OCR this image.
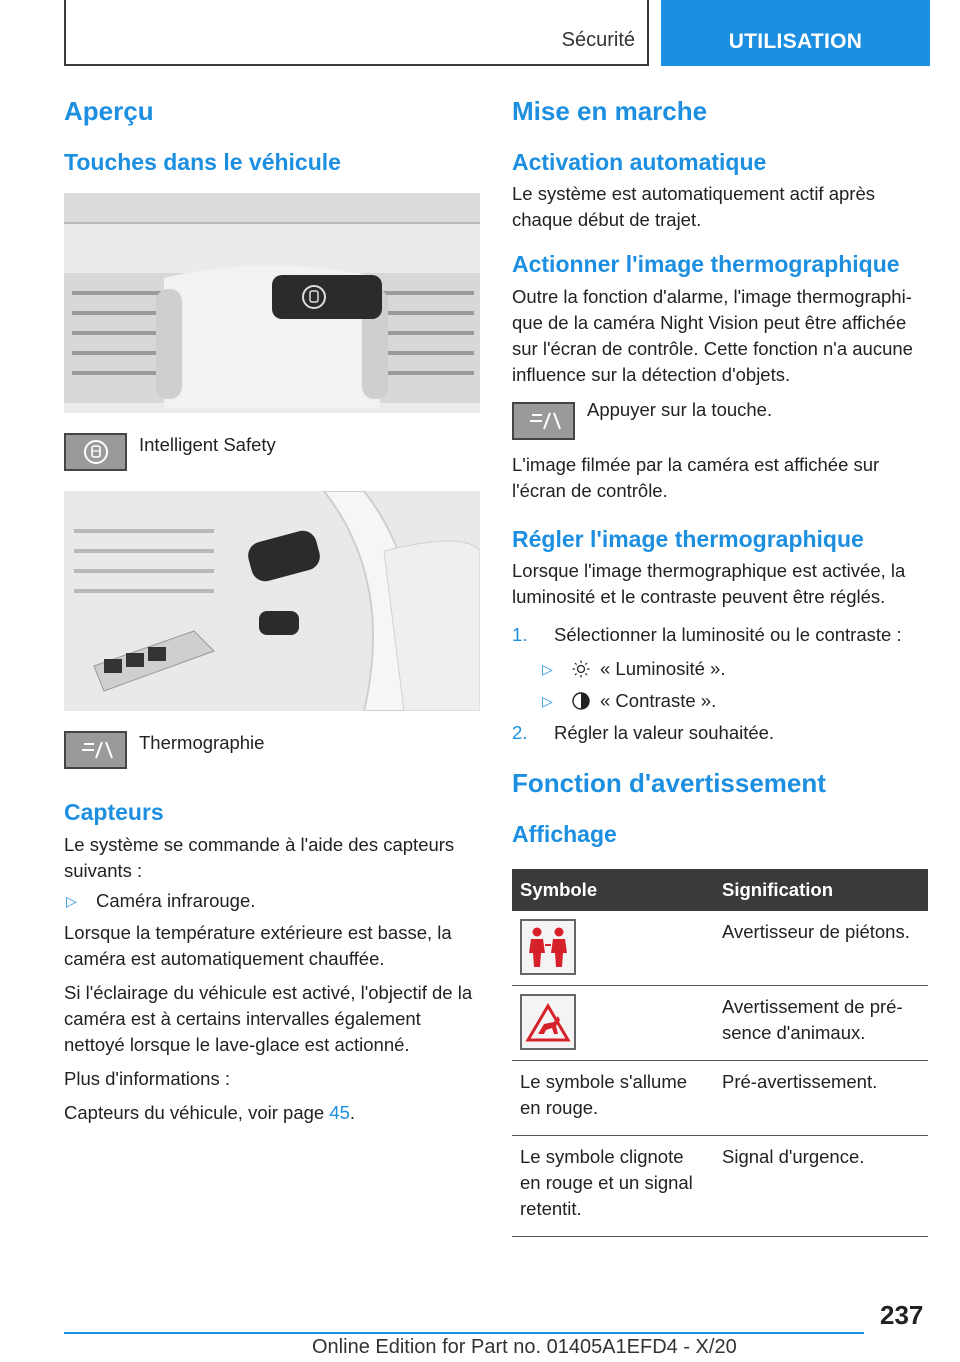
Sécurité	UTILISATION
Aperçu
Touches dans le véhicule
Intelligent Safety
Thermographie
Capteurs

Le système se commande à l'aide des capteurs suivants :

▷ Caméra infrarouge.

Lorsque la température extérieure est basse, la caméra est automatiquement chauffée.

Si l'éclairage du véhicule est activé, l'objectif de la caméra est à certains intervalles également nettoyé lorsque le lave-glace est actionné.

Plus d'informations :

Capteurs du véhicule, voir page 45.

Mise en marche
Activation automatique

Le système est automatiquement actif après chaque début de trajet.

Actionner l'image thermographique

Outre la fonction d'alarme, l'image thermographi‐ que de la caméra Night Vision peut être affichée sur l'écran de contrôle. Cette fonction n'a aucune influence sur la détection d'objets.

Appuyer sur la touche.

L'image filmée par la caméra est affichée sur l'écran de contrôle.

Régler l'image thermographique

Lorsque l'image thermographique est activée, la luminosité et le contraste peuvent être réglés.

1.	Sélectionner la luminosité ou le contraste :
▷	« Luminosité ».
▷	« Contraste ».
2.	Régler la valeur souhaitée.
Fonction d'avertissement
Affichage
Symbole	Signification

	Avertisseur de piétons.

	Avertissement de pré‐ sence d'animaux.
Le symbole s'allume en rouge.	Pré-avertissement.
Le symbole clignote en rouge et un signal retentit.	Signal d'urgence.
237
Online Edition for Part no. 01405A1EFD4 - X/20
